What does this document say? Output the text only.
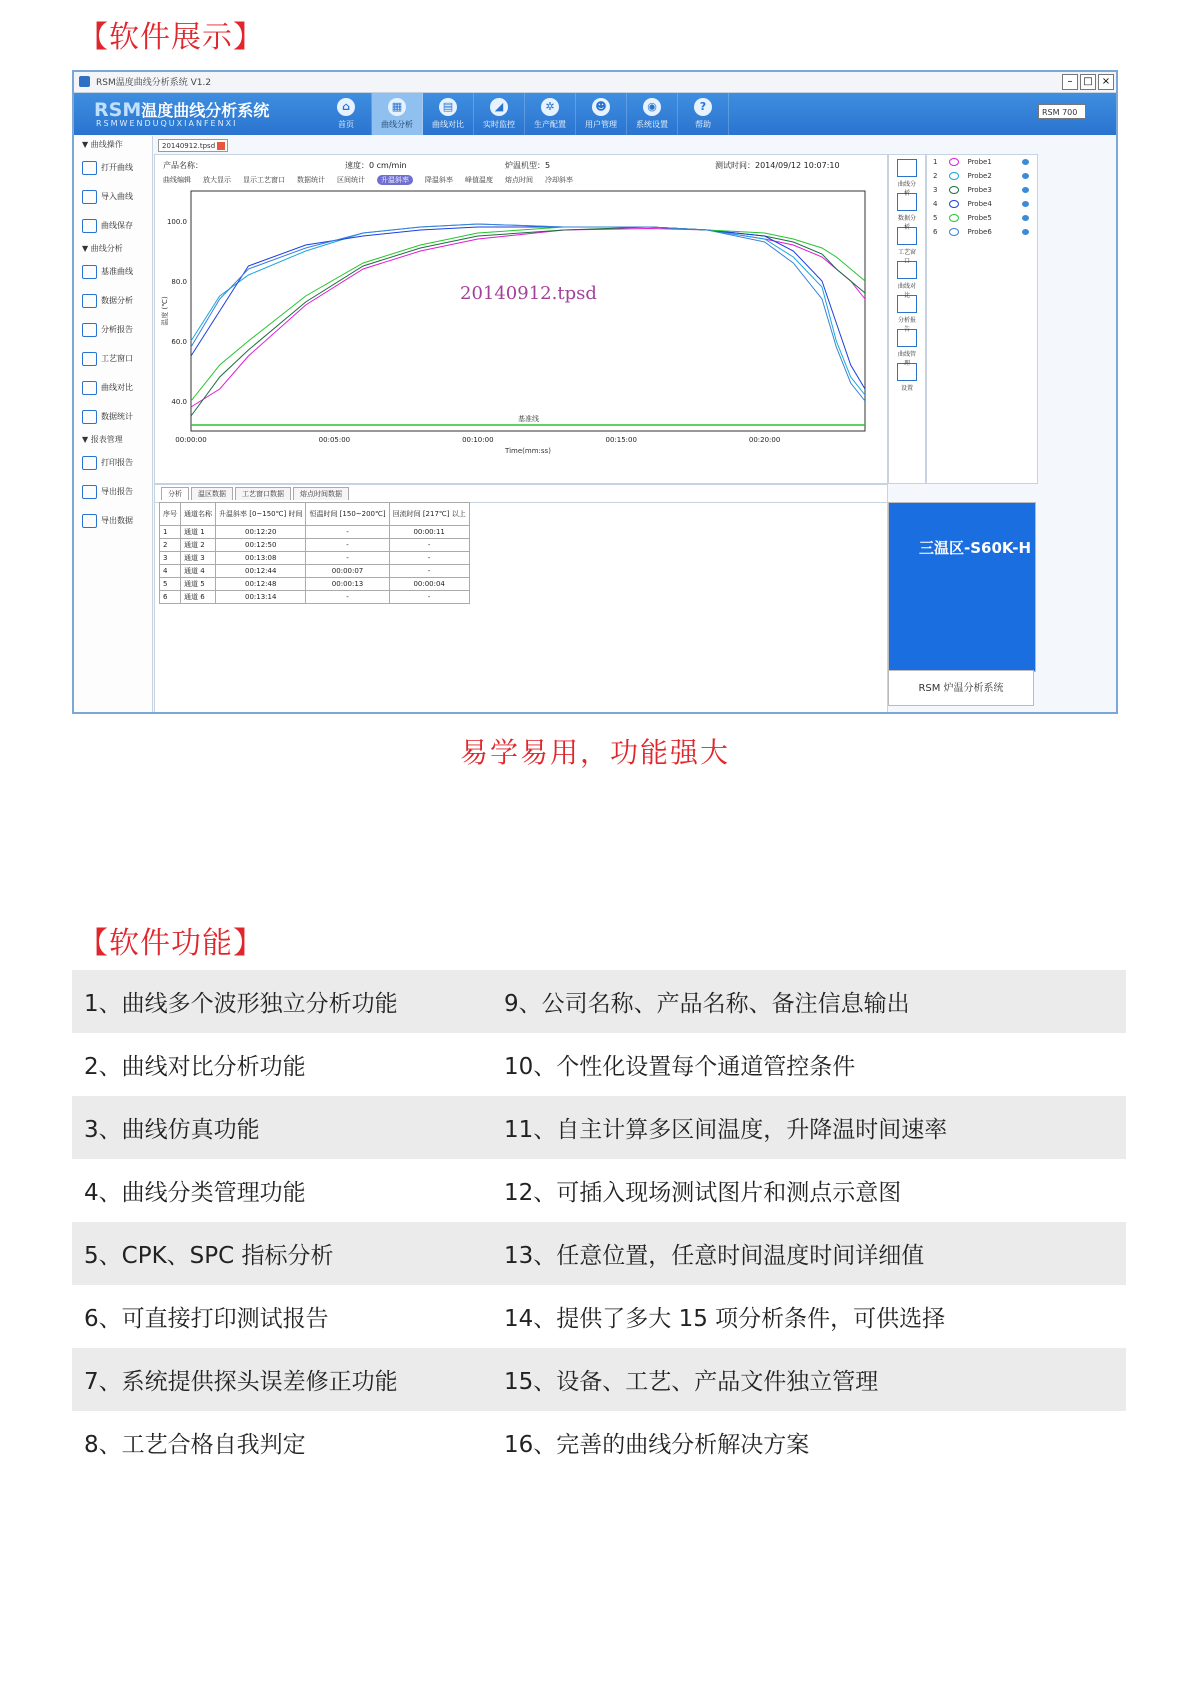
【软件展示】
RSM温度曲线分析系统 V1.2	–	□ ×
RSM温度曲线分析系统
RSMWENDUQUXIANFENXI
⌂
首页
▦
曲线分析
▤
曲线对比
◢
实时监控
✲
生产配置
☻
用户管理
◉
系统设置
?
帮助
RSM 700
▼ 曲线操作
打开曲线
导入曲线
曲线保存
▼ 曲线分析
基准曲线
数据分析
分析报告
工艺窗口
曲线对比
数据统计
▼ 报表管理
打印报告
导出报告
导出数据
20140912.tpsd
产品名称：	速度：0 cm/min	炉温机型：5	测试时间：2014/09/12 10:07:10
曲线编辑 放大显示 显示工艺窗口 数据统计 区间统计 升温斜率 降温斜率 峰值温度 熔点时间 冷却斜率
100.0
80.0
60.0
40.0
00:00:00	00:05:00	00:10:00	00:15:00	00:20:00
Time(mm:ss)
温度 (℃)
基准线
20140912.tpsd
曲线分析
数据分析
工艺窗口
曲线对比
分析报告
曲线管理
设置
1	Probe1
2	Probe2
3	Probe3
4	Probe4
5	Probe5
6	Probe6
分析 温区数据 工艺窗口数据 熔点时间数据
序号	通道名称	升温斜率 [0~150℃] 时间	恒温时间 [150~200℃]	回流时间 [217℃] 以上
1	通道 1	00:12:20	-	00:00:11
2	通道 2	00:12:50	-	-
3	通道 3	00:13:08	-	-
4	通道 4	00:12:44	00:00:07	-
5	通道 5	00:12:48	00:00:13	00:00:04
6	通道 6	00:13:14	-	-
三温区-S60K-H
RSM 炉温分析系统
易学易用，功能强大
【软件功能】
1、曲线多个波形独立分析功能	9、公司名称、产品名称、备注信息输出
2、曲线对比分析功能	10、个性化设置每个通道管控条件
3、曲线仿真功能	11、自主计算多区间温度，升降温时间速率
4、曲线分类管理功能	12、可插入现场测试图片和测点示意图
5、CPK、SPC 指标分析	13、任意位置，任意时间温度时间详细值
6、可直接打印测试报告	14、提供了多大 15 项分析条件，可供选择
7、系统提供探头误差修正功能	15、设备、工艺、产品文件独立管理
8、工艺合格自我判定	16、完善的曲线分析解决方案
